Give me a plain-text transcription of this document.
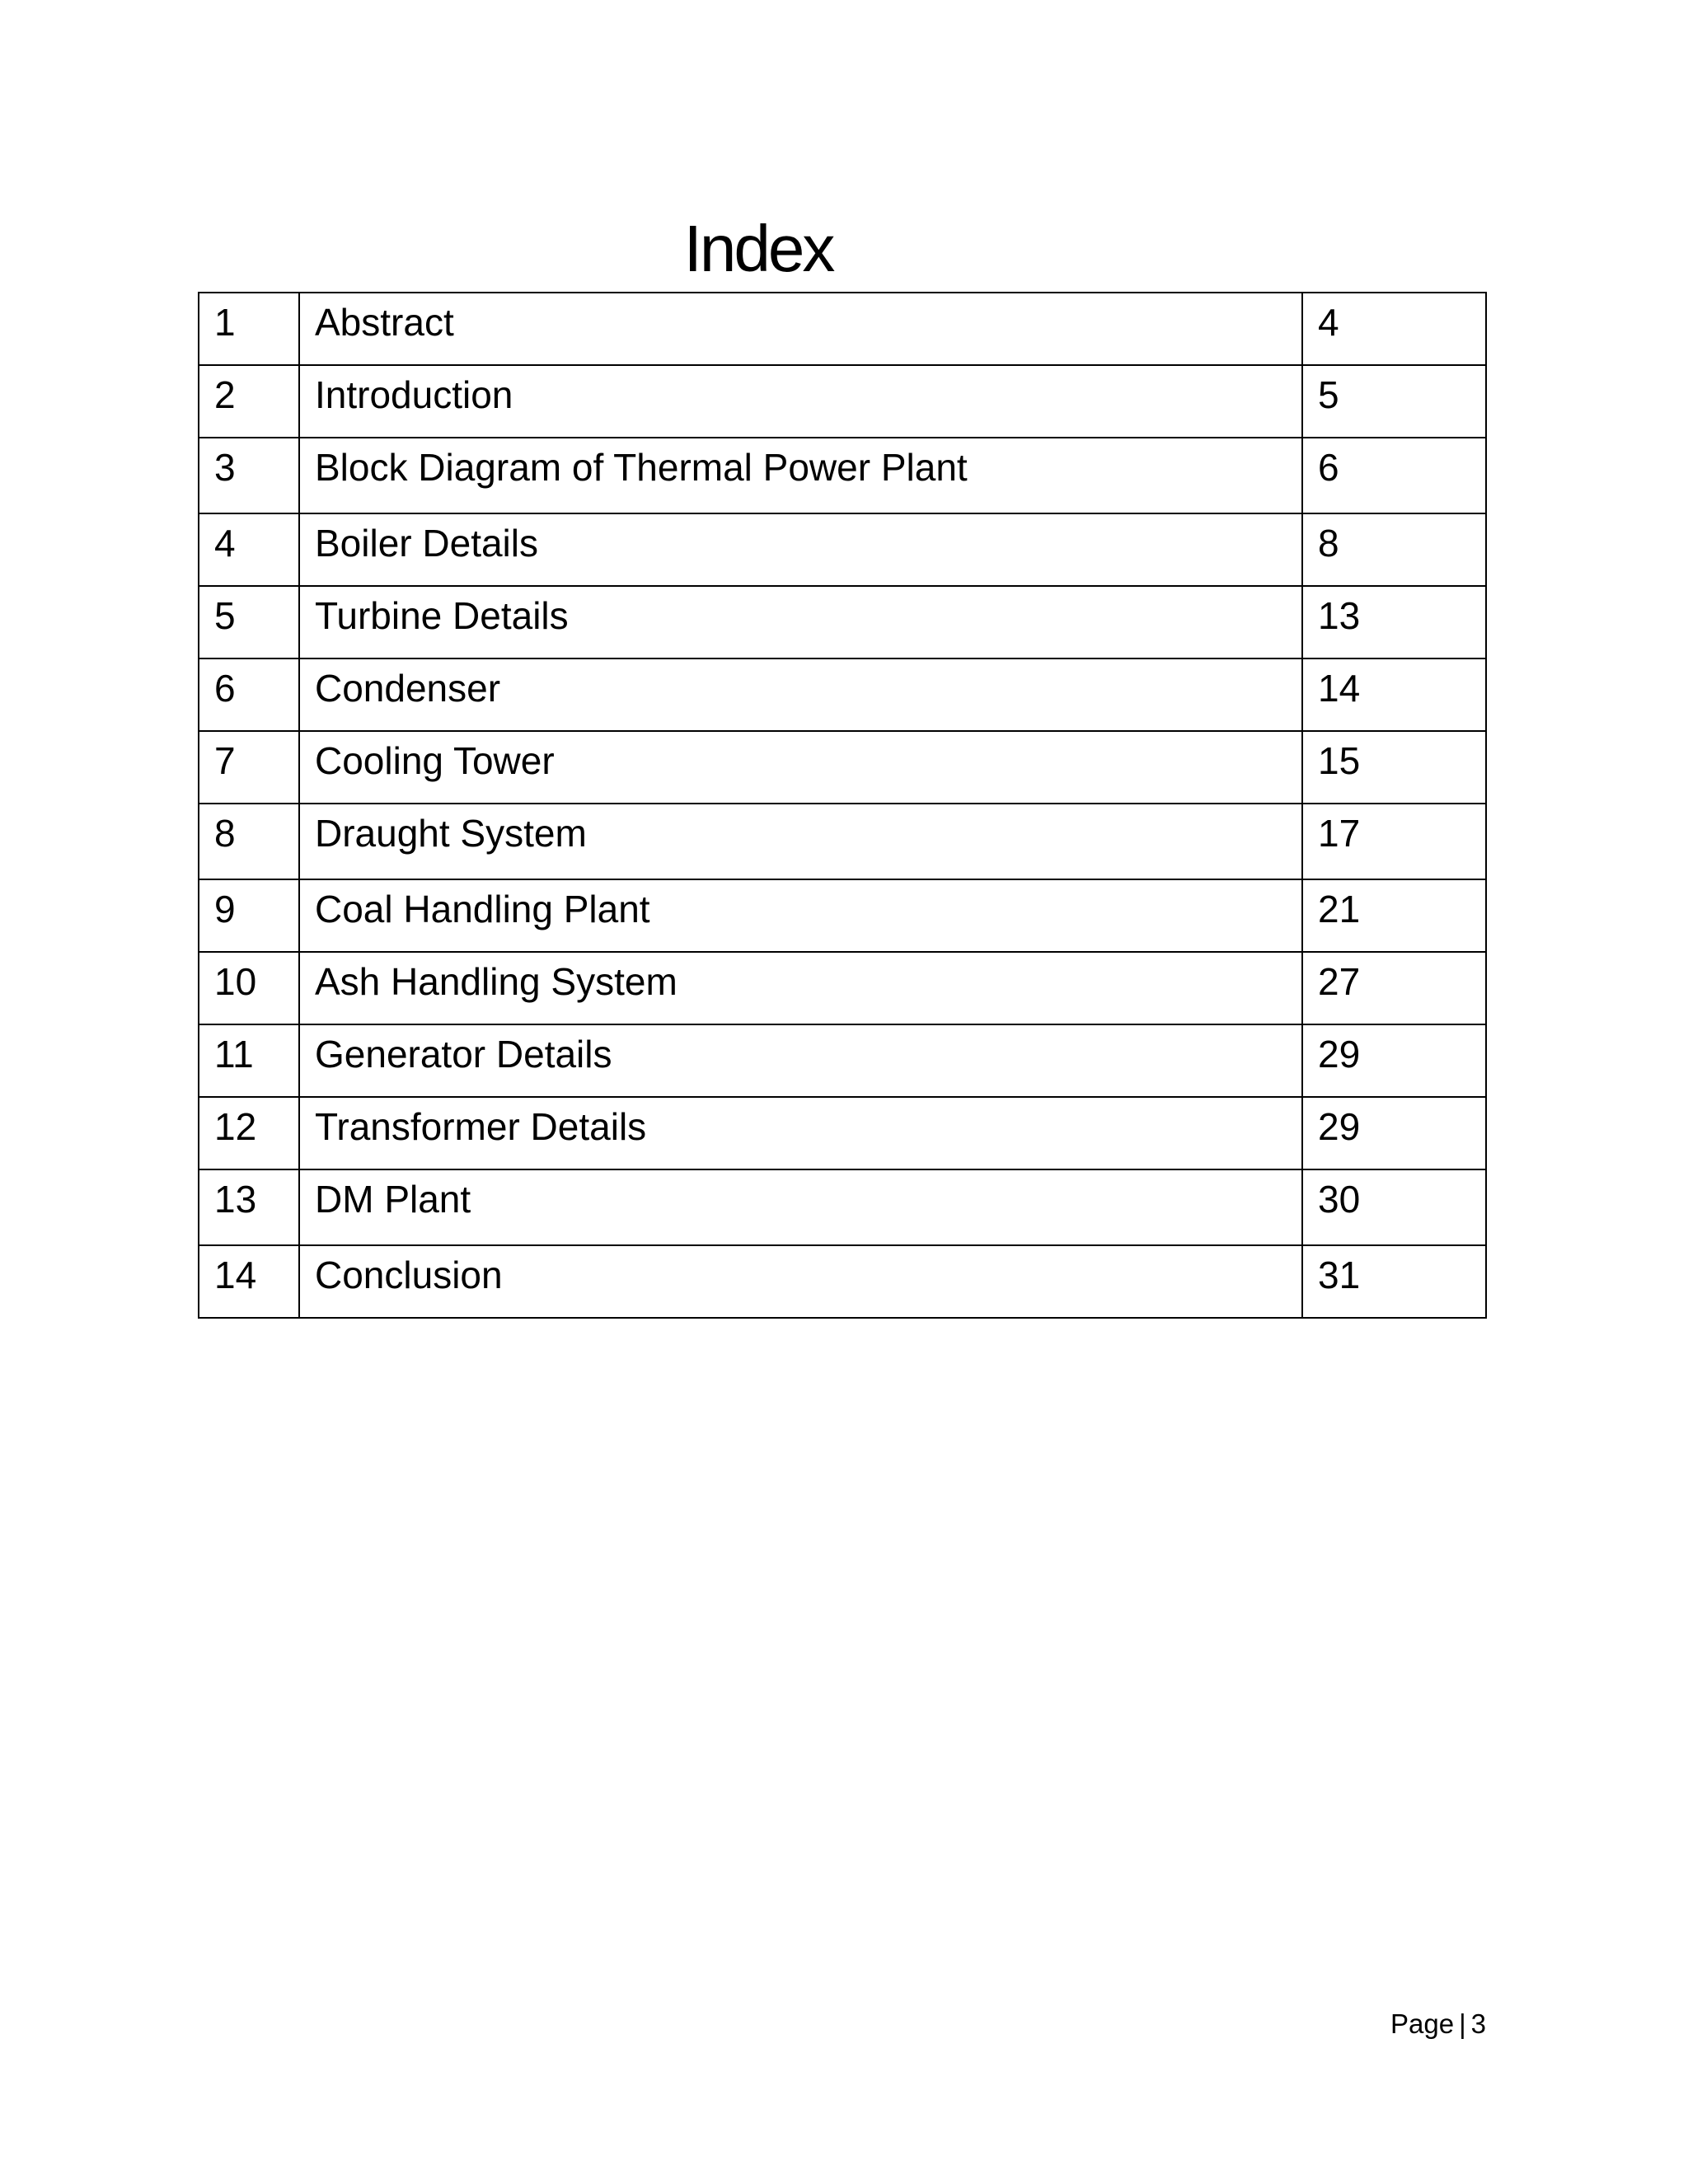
Index
1	Abstract	4
2	Introduction	5
3	Block Diagram of Thermal Power Plant	6
4	Boiler Details	8
5	Turbine Details	13
6	Condenser	14
7	Cooling Tower	15
8	Draught System	17
9	Coal Handling Plant	21
10	Ash Handling System	27
11	Generator Details	29
12	Transformer Details	29
13	DM Plant	30
14	Conclusion	31
Page | 3
